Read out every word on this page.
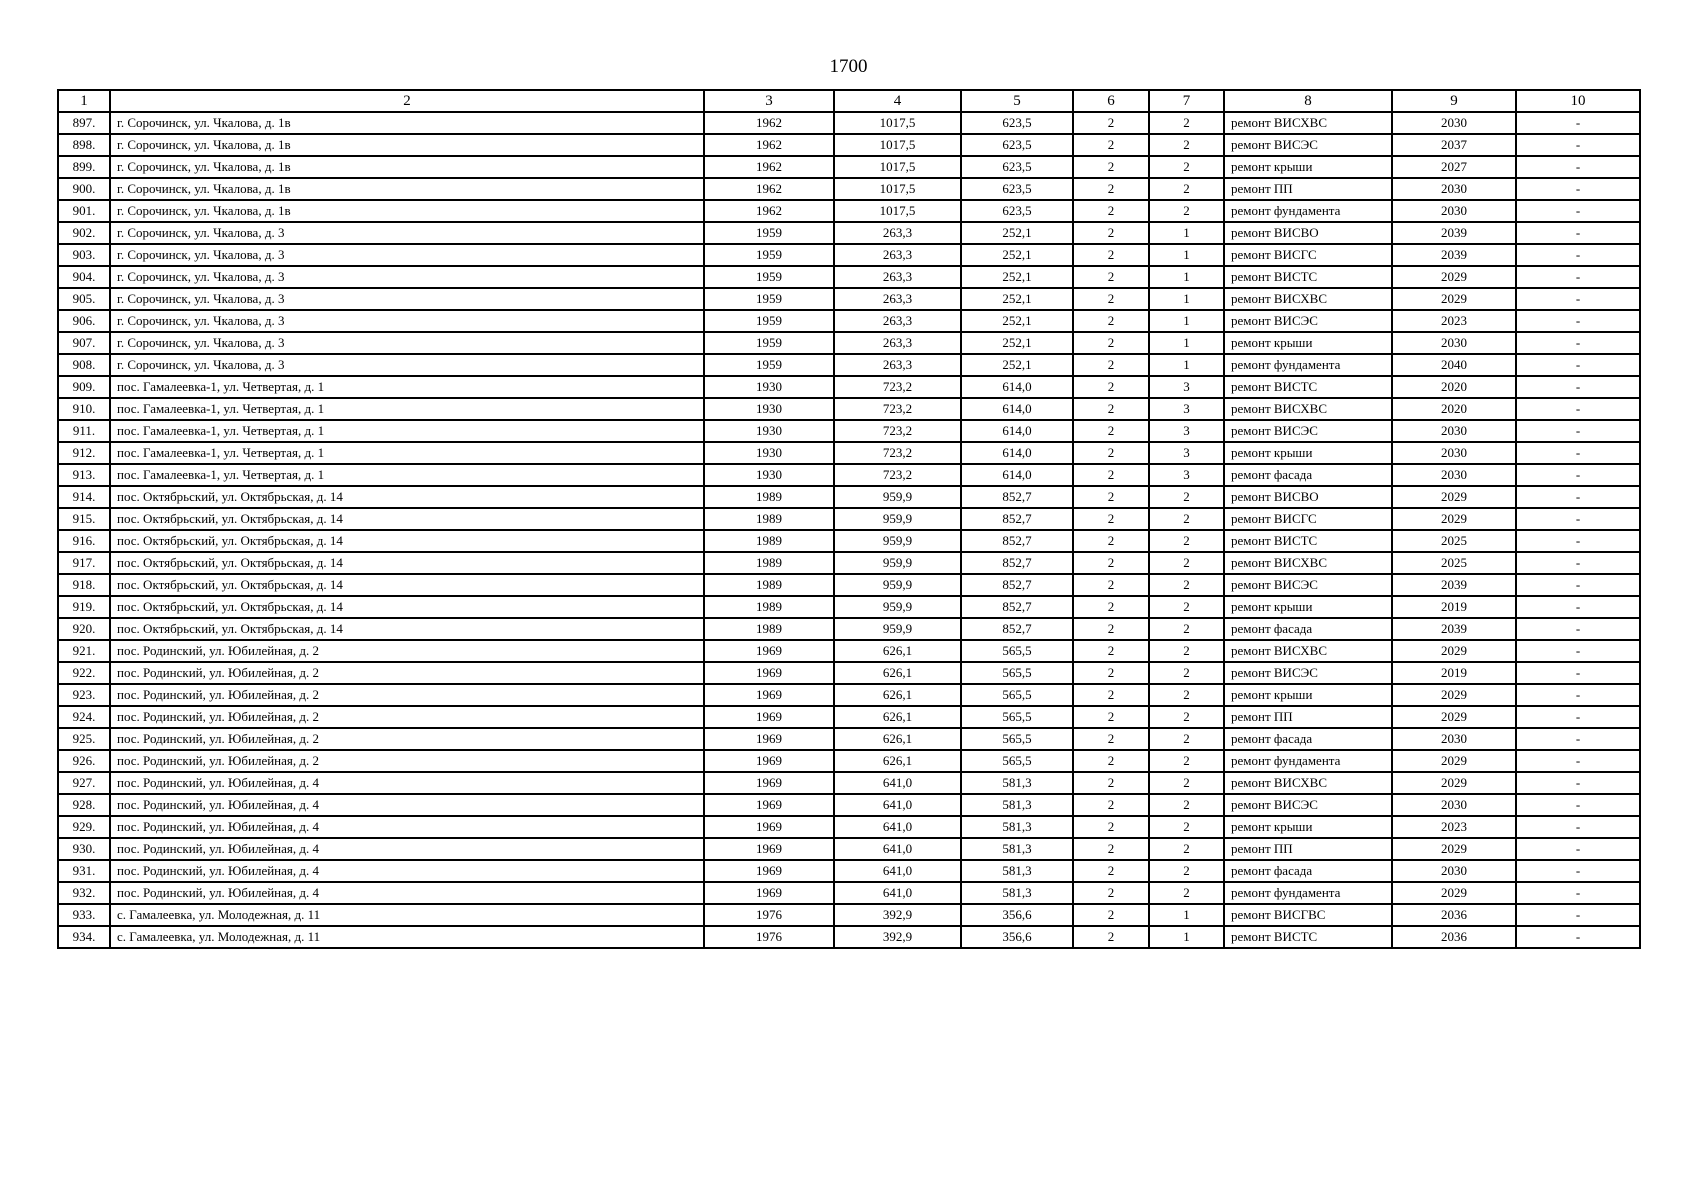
1700
1	2	3	4	5	6	7	8	9	10
897.	г. Сорочинск, ул. Чкалова, д. 1в	1962	1017,5	623,5	2	2	ремонт ВИСХВС	2030	-
898.	г. Сорочинск, ул. Чкалова, д. 1в	1962	1017,5	623,5	2	2	ремонт ВИСЭС	2037	-
899.	г. Сорочинск, ул. Чкалова, д. 1в	1962	1017,5	623,5	2	2	ремонт крыши	2027	-
900.	г. Сорочинск, ул. Чкалова, д. 1в	1962	1017,5	623,5	2	2	ремонт ПП	2030	-
901.	г. Сорочинск, ул. Чкалова, д. 1в	1962	1017,5	623,5	2	2	ремонт фундамента	2030	-
902.	г. Сорочинск, ул. Чкалова, д. 3	1959	263,3	252,1	2	1	ремонт ВИСВО	2039	-
903.	г. Сорочинск, ул. Чкалова, д. 3	1959	263,3	252,1	2	1	ремонт ВИСГС	2039	-
904.	г. Сорочинск, ул. Чкалова, д. 3	1959	263,3	252,1	2	1	ремонт ВИСТС	2029	-
905.	г. Сорочинск, ул. Чкалова, д. 3	1959	263,3	252,1	2	1	ремонт ВИСХВС	2029	-
906.	г. Сорочинск, ул. Чкалова, д. 3	1959	263,3	252,1	2	1	ремонт ВИСЭС	2023	-
907.	г. Сорочинск, ул. Чкалова, д. 3	1959	263,3	252,1	2	1	ремонт крыши	2030	-
908.	г. Сорочинск, ул. Чкалова, д. 3	1959	263,3	252,1	2	1	ремонт фундамента	2040	-
909.	пос. Гамалеевка-1, ул. Четвертая, д. 1	1930	723,2	614,0	2	3	ремонт ВИСТС	2020	-
910.	пос. Гамалеевка-1, ул. Четвертая, д. 1	1930	723,2	614,0	2	3	ремонт ВИСХВС	2020	-
911.	пос. Гамалеевка-1, ул. Четвертая, д. 1	1930	723,2	614,0	2	3	ремонт ВИСЭС	2030	-
912.	пос. Гамалеевка-1, ул. Четвертая, д. 1	1930	723,2	614,0	2	3	ремонт крыши	2030	-
913.	пос. Гамалеевка-1, ул. Четвертая, д. 1	1930	723,2	614,0	2	3	ремонт фасада	2030	-
914.	пос. Октябрьский, ул. Октябрьская, д. 14	1989	959,9	852,7	2	2	ремонт ВИСВО	2029	-
915.	пос. Октябрьский, ул. Октябрьская, д. 14	1989	959,9	852,7	2	2	ремонт ВИСГС	2029	-
916.	пос. Октябрьский, ул. Октябрьская, д. 14	1989	959,9	852,7	2	2	ремонт ВИСТС	2025	-
917.	пос. Октябрьский, ул. Октябрьская, д. 14	1989	959,9	852,7	2	2	ремонт ВИСХВС	2025	-
918.	пос. Октябрьский, ул. Октябрьская, д. 14	1989	959,9	852,7	2	2	ремонт ВИСЭС	2039	-
919.	пос. Октябрьский, ул. Октябрьская, д. 14	1989	959,9	852,7	2	2	ремонт крыши	2019	-
920.	пос. Октябрьский, ул. Октябрьская, д. 14	1989	959,9	852,7	2	2	ремонт фасада	2039	-
921.	пос. Родинский, ул. Юбилейная, д. 2	1969	626,1	565,5	2	2	ремонт ВИСХВС	2029	-
922.	пос. Родинский, ул. Юбилейная, д. 2	1969	626,1	565,5	2	2	ремонт ВИСЭС	2019	-
923.	пос. Родинский, ул. Юбилейная, д. 2	1969	626,1	565,5	2	2	ремонт крыши	2029	-
924.	пос. Родинский, ул. Юбилейная, д. 2	1969	626,1	565,5	2	2	ремонт ПП	2029	-
925.	пос. Родинский, ул. Юбилейная, д. 2	1969	626,1	565,5	2	2	ремонт фасада	2030	-
926.	пос. Родинский, ул. Юбилейная, д. 2	1969	626,1	565,5	2	2	ремонт фундамента	2029	-
927.	пос. Родинский, ул. Юбилейная, д. 4	1969	641,0	581,3	2	2	ремонт ВИСХВС	2029	-
928.	пос. Родинский, ул. Юбилейная, д. 4	1969	641,0	581,3	2	2	ремонт ВИСЭС	2030	-
929.	пос. Родинский, ул. Юбилейная, д. 4	1969	641,0	581,3	2	2	ремонт крыши	2023	-
930.	пос. Родинский, ул. Юбилейная, д. 4	1969	641,0	581,3	2	2	ремонт ПП	2029	-
931.	пос. Родинский, ул. Юбилейная, д. 4	1969	641,0	581,3	2	2	ремонт фасада	2030	-
932.	пос. Родинский, ул. Юбилейная, д. 4	1969	641,0	581,3	2	2	ремонт фундамента	2029	-
933.	с. Гамалеевка, ул. Молодежная, д. 11	1976	392,9	356,6	2	1	ремонт ВИСГВС	2036	-
934.	с. Гамалеевка, ул. Молодежная, д. 11	1976	392,9	356,6	2	1	ремонт ВИСТС	2036	-
